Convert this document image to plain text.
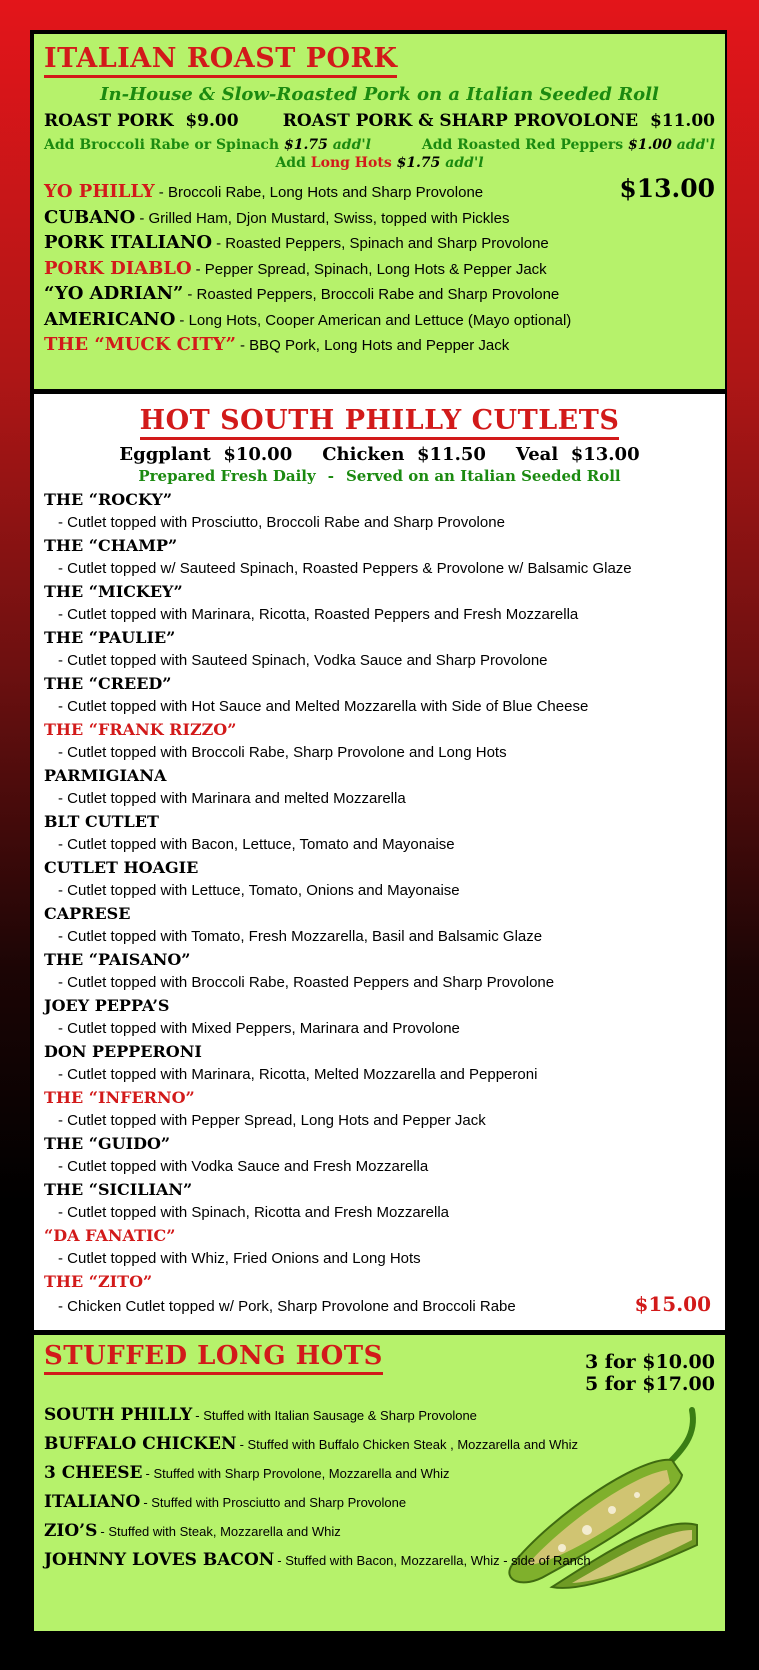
ITALIAN ROAST PORK
In-House & Slow-Roasted Pork on a Italian Seeded Roll
ROAST PORK $9.00	ROAST PORK & SHARP PROVOLONE $11.00
Add Broccoli Rabe or Spinach $1.75 add'l	Add Roasted Red Peppers $1.00 add'l
Add Long Hots $1.75 add'l
YO PHILLY - Broccoli Rabe, Long Hots and Sharp Provolone	$13.00
CUBANO - Grilled Ham, Djon Mustard, Swiss, topped with Pickles
PORK ITALIANO - Roasted Peppers, Spinach and Sharp Provolone
PORK DIABLO - Pepper Spread, Spinach, Long Hots & Pepper Jack
“YO ADRIAN” - Roasted Peppers, Broccoli Rabe and Sharp Provolone
AMERICANO - Long Hots, Cooper American and Lettuce (Mayo optional)
THE “MUCK CITY” - BBQ Pork, Long Hots and Pepper Jack
HOT SOUTH PHILLY CUTLETS
Eggplant $10.00 Chicken $11.50 Veal $13.00
Prepared Fresh Daily - Served on an Italian Seeded Roll
THE “ROCKY”
- Cutlet topped with Prosciutto, Broccoli Rabe and Sharp Provolone
THE “CHAMP”
- Cutlet topped w/ Sauteed Spinach, Roasted Peppers & Provolone w/ Balsamic Glaze
THE “MICKEY”
- Cutlet topped with Marinara, Ricotta, Roasted Peppers and Fresh Mozzarella
THE “PAULIE”
- Cutlet topped with Sauteed Spinach, Vodka Sauce and Sharp Provolone
THE “CREED”
- Cutlet topped with Hot Sauce and Melted Mozzarella with Side of Blue Cheese
THE “FRANK RIZZO”
- Cutlet topped with Broccoli Rabe, Sharp Provolone and Long Hots
PARMIGIANA
- Cutlet topped with Marinara and melted Mozzarella
BLT CUTLET
- Cutlet topped with Bacon, Lettuce, Tomato and Mayonaise
CUTLET HOAGIE
- Cutlet topped with Lettuce, Tomato, Onions and Mayonaise
CAPRESE
- Cutlet topped with Tomato, Fresh Mozzarella, Basil and Balsamic Glaze
THE “PAISANO”
- Cutlet topped with Broccoli Rabe, Roasted Peppers and Sharp Provolone
JOEY PEPPA’S
- Cutlet topped with Mixed Peppers, Marinara and Provolone
DON PEPPERONI
- Cutlet topped with Marinara, Ricotta, Melted Mozzarella and Pepperoni
THE “INFERNO”
- Cutlet topped with Pepper Spread, Long Hots and Pepper Jack
THE “GUIDO”
- Cutlet topped with Vodka Sauce and Fresh Mozzarella
THE “SICILIAN”
- Cutlet topped with Spinach, Ricotta and Fresh Mozzarella
“DA FANATIC”
- Cutlet topped with Whiz, Fried Onions and Long Hots
THE “ZITO”
- Chicken Cutlet topped w/ Pork, Sharp Provolone and Broccoli Rabe	$15.00
STUFFED LONG HOTS	3 for $10.00
5 for $17.00
SOUTH PHILLY - Stuffed with Italian Sausage & Sharp Provolone
BUFFALO CHICKEN - Stuffed with Buffalo Chicken Steak , Mozzarella and Whiz
3 CHEESE - Stuffed with Sharp Provolone, Mozzarella and Whiz
ITALIANO - Stuffed with Prosciutto and Sharp Provolone
ZIO’S - Stuffed with Steak, Mozzarella and Whiz
JOHNNY LOVES BACON - Stuffed with Bacon, Mozzarella, Whiz - side of Ranch
